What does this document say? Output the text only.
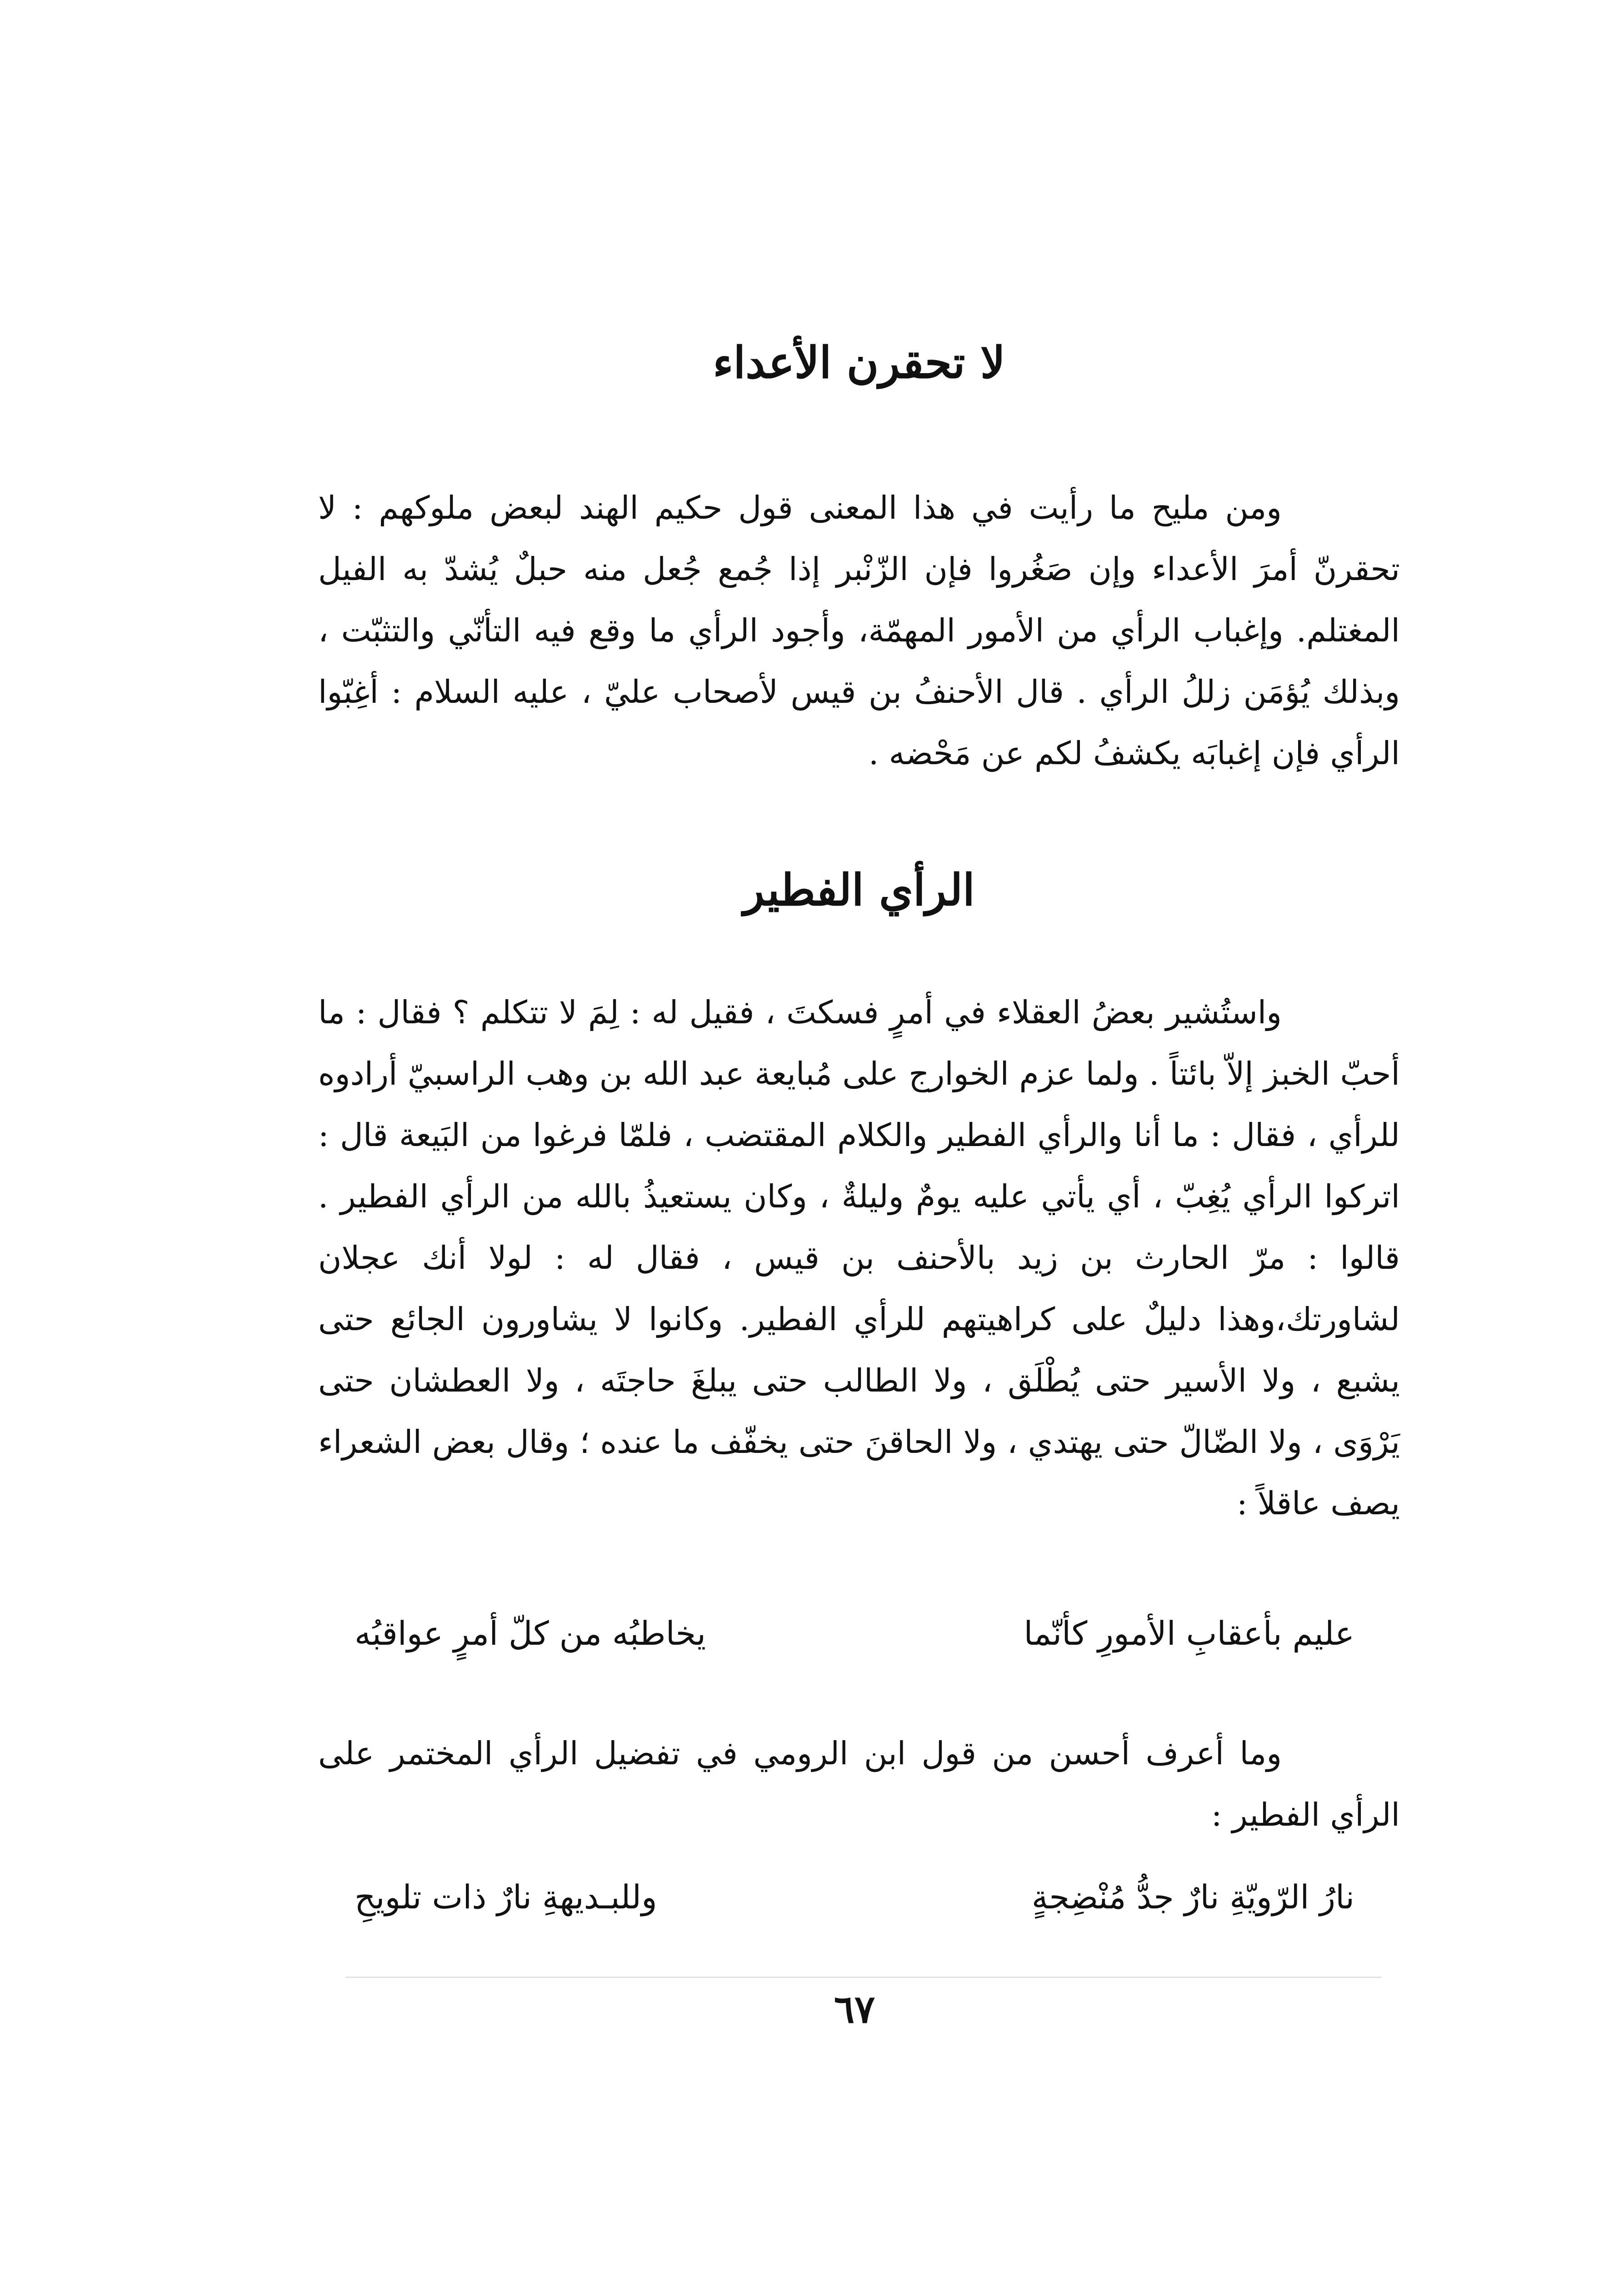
لا تحقرن الأعداء

ومن مليح ما رأيت في هذا المعنى قول حكيم الهند لبعض ملوكهم : لا تحقرنّ أمرَ الأعداء وإن صَغُروا فإن الزّنْبر إذا جُمع جُعل منه حبلٌ يُشدّ به الفيل المغتلم. وإغباب الرأي من الأمور المهمّة، وأجود الرأي ما وقع فيه التأنّي والتثبّت ، وبذلك يُؤمَن زللُ الرأي . قال الأحنفُ بن قيس لأصحاب عليّ ، عليه السلام : أغِبّوا الرأي فإن إغبابَه يكشفُ لكم عن مَحْضه .

الرأي الفطير

واستُشير بعضُ العقلاء في أمرٍ فسكتَ ، فقيل له : لِمَ لا تتكلم ؟ فقال : ما أحبّ الخبز إلاّ بائتاً . ولما عزم الخوارج على مُبايعة عبد الله بن وهب الراسبيّ أرادوه للرأي ، فقال : ما أنا والرأي الفطير والكلام المقتضب ، فلمّا فرغوا من البَيعة قال : اتركوا الرأي يُغِبّ ، أي يأتي عليه يومٌ وليلةٌ ، وكان يستعيذُ بالله من الرأي الفطير . قالوا : مرّ الحارث بن زيد بالأحنف بن قيس ، فقال له : لولا أنك عجلان لشاورتك،وهذا دليلٌ على كراهيتهم للرأي الفطير. وكانوا لا يشاورون الجائع حتى يشبع ، ولا الأسير حتى يُطْلَق ، ولا الطالب حتى يبلغَ حاجتَه ، ولا العطشان حتى يَرْوَى ، ولا الضّالّ حتى يهتدي ، ولا الحاقنَ حتى يخفّف ما عنده ؛ وقال بعض الشعراء يصف عاقلاً :

عليم بأعقابِ الأمورِ كأنّما
يخاطبُه من كلّ أمرٍ عواقبُه

وما أعرف أحسن من قول ابن الرومي في تفضيل الرأي المختمر على الرأي الفطير :

نارُ الرّويّةِ نارٌ جدُّ مُنْضِجةٍ
وللبـديهةِ نارٌ ذات تلويحِ

٦٧
